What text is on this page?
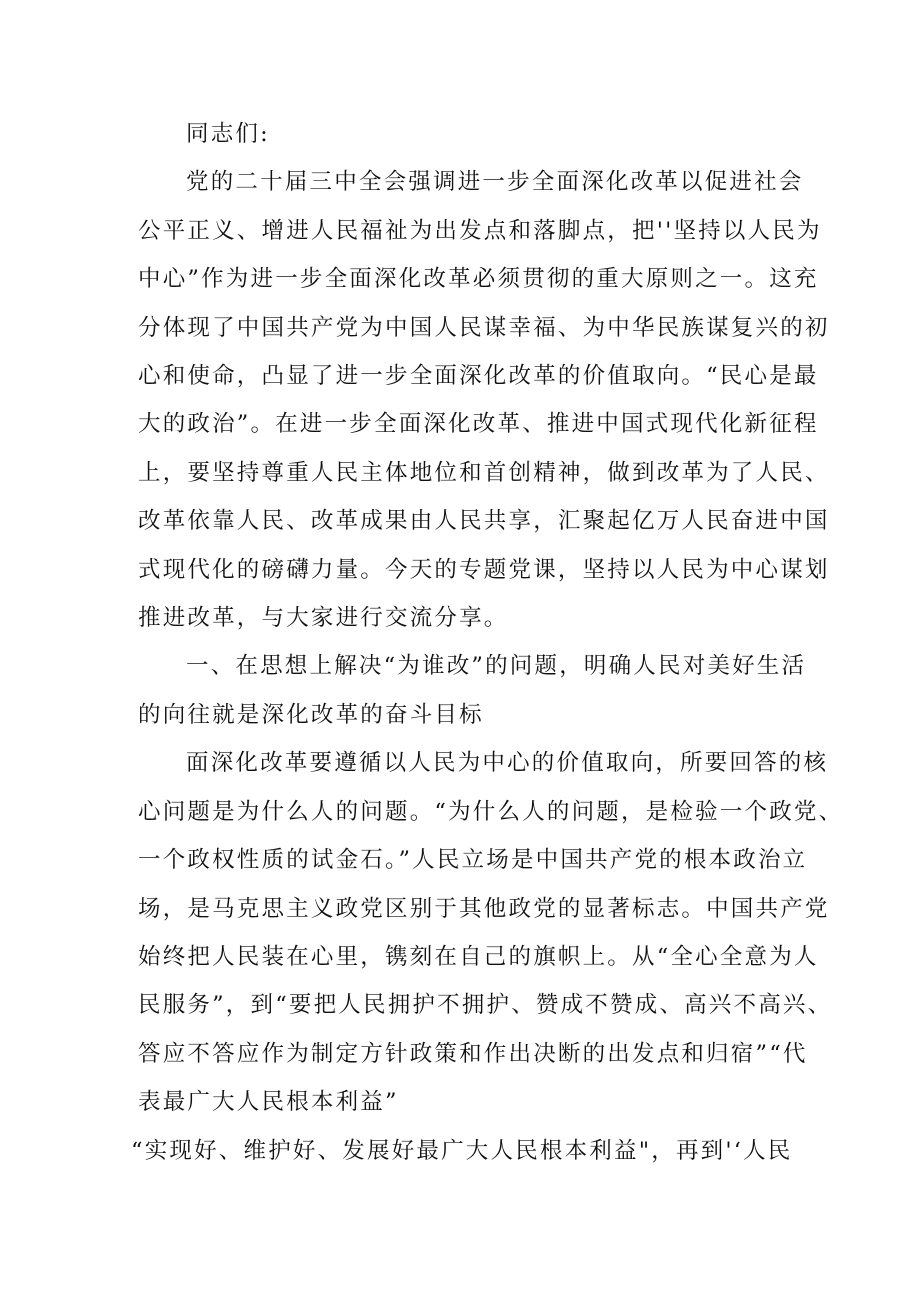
同志们:

党的二十届三中全会强调进一步全面深化改革以促进社会
公平正义、增进人民福祉为出发点和落脚点，把''坚持以人民为
中心”作为进一步全面深化改革必须贯彻的重大原则之一。这充
分体现了中国共产党为中国人民谋幸福、为中华民族谋复兴的初
心和使命，凸显了进一步全面深化改革的价值取向。“民心是最
大的政治”。在进一步全面深化改革、推进中国式现代化新征程
上，要坚持尊重人民主体地位和首创精神，做到改革为了人民、
改革依靠人民、改革成果由人民共享，汇聚起亿万人民奋进中国
式现代化的磅礴力量。今天的专题党课，坚持以人民为中心谋划
推进改革，与大家进行交流分享。

一、在思想上解决“为谁改”的问题，明确人民对美好生活
的向往就是深化改革的奋斗目标

面深化改革要遵循以人民为中心的价值取向，所要回答的核
心问题是为什么人的问题。“为什么人的问题，是检验一个政党、
一个政权性质的试金石。”人民立场是中国共产党的根本政治立
场，是马克思主义政党区别于其他政党的显著标志。中国共产党
始终把人民装在心里，镌刻在自己的旗帜上。从“全心全意为人
民服务”，到“要把人民拥护不拥护、赞成不赞成、高兴不高兴、
答应不答应作为制定方针政策和作出决断的出发点和归宿”“代
表最广大人民根本利益”

“实现好、维护好、发展好最广大人民根本利益"，再到'‘人民
